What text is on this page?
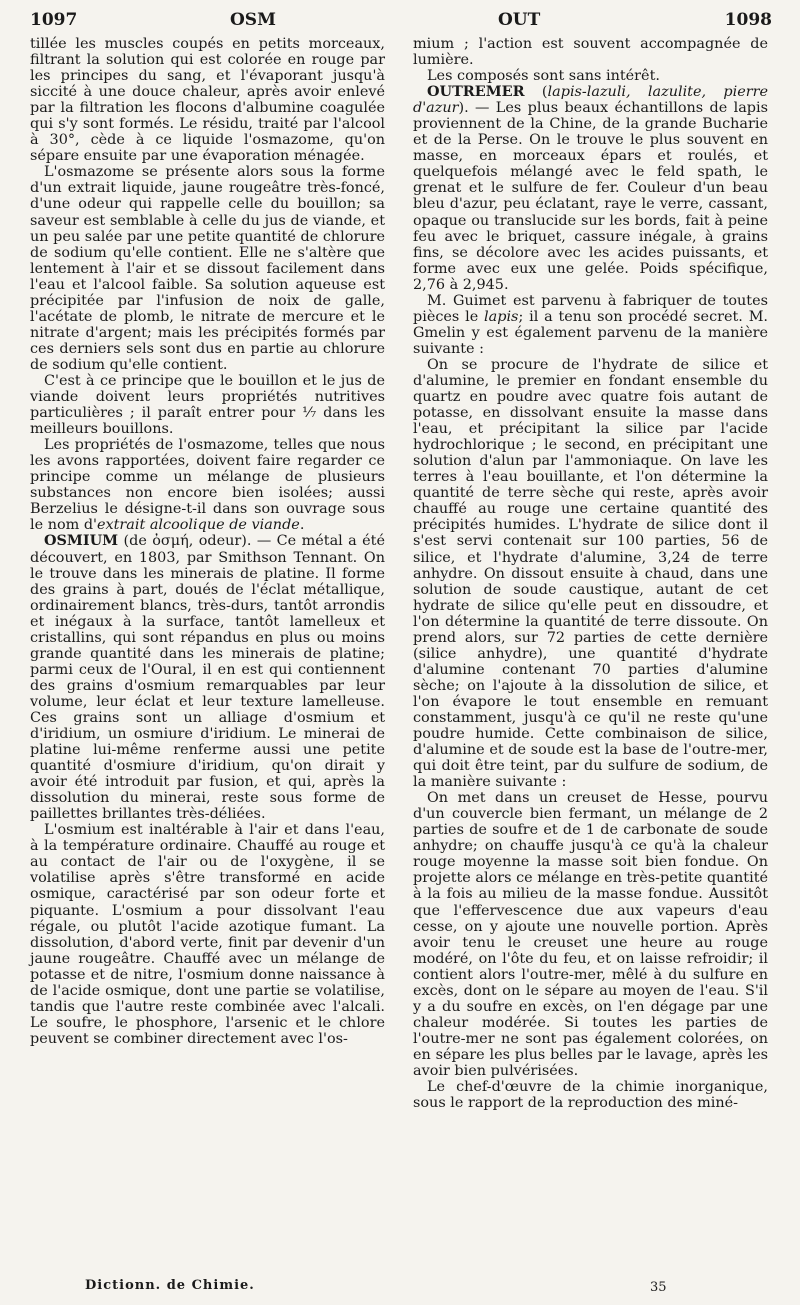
1097	OSM	OUT	1098

tillée les muscles coupés en petits morceaux, filtrant la solution qui est colorée en rouge par les principes du sang, et l'évaporant jusqu'à siccité à une douce chaleur, après avoir enlevé par la filtration les flocons d'albumine coagulée qui s'y sont formés. Le résidu, traité par l'alcool à 30°, cède à ce liquide l'osmazome, qu'on sépare ensuite par une évaporation ménagée.

L'osmazome se présente alors sous la forme d'un extrait liquide, jaune rougeâtre très-foncé, d'une odeur qui rappelle celle du bouillon; sa saveur est semblable à celle du jus de viande, et un peu salée par une petite quantité de chlorure de sodium qu'elle contient. Elle ne s'altère que lentement à l'air et se dissout facilement dans l'eau et l'alcool faible. Sa solution aqueuse est précipitée par l'infusion de noix de galle, l'acétate de plomb, le nitrate de mercure et le nitrate d'argent; mais les précipités formés par ces derniers sels sont dus en partie au chlorure de sodium qu'elle contient.

C'est à ce principe que le bouillon et le jus de viande doivent leurs propriétés nutritives particulières ; il paraît entrer pour ⅟₇ dans les meilleurs bouillons.

Les propriétés de l'osmazome, telles que nous les avons rapportées, doivent faire regarder ce principe comme un mélange de plusieurs substances non encore bien isolées; aussi Berzelius le désigne-t-il dans son ouvrage sous le nom d'extrait alcoolique de viande.

OSMIUM (de ὀσμή, odeur). — Ce métal a été découvert, en 1803, par Smithson Tennant. On le trouve dans les minerais de platine. Il forme des grains à part, doués de l'éclat métallique, ordinairement blancs, très-durs, tantôt arrondis et inégaux à la surface, tantôt lamelleux et cristallins, qui sont répandus en plus ou moins grande quantité dans les minerais de platine; parmi ceux de l'Oural, il en est qui contiennent des grains d'osmium remarquables par leur volume, leur éclat et leur texture lamelleuse. Ces grains sont un alliage d'osmium et d'iridium, un osmiure d'iridium. Le minerai de platine lui-même renferme aussi une petite quantité d'osmiure d'iridium, qu'on dirait y avoir été introduit par fusion, et qui, après la dissolution du minerai, reste sous forme de paillettes brillantes très-déliées.

L'osmium est inaltérable à l'air et dans l'eau, à la température ordinaire. Chauffé au rouge et au contact de l'air ou de l'oxygène, il se volatilise après s'être transformé en acide osmique, caractérisé par son odeur forte et piquante. L'osmium a pour dissolvant l'eau régale, ou plutôt l'acide azotique fumant. La dissolution, d'abord verte, finit par devenir d'un jaune rougeâtre. Chauffé avec un mélange de potasse et de nitre, l'osmium donne naissance à de l'acide osmique, dont une partie se volatilise, tandis que l'autre reste combinée avec l'alcali. Le soufre, le phosphore, l'arsenic et le chlore peuvent se combiner directement avec l'os-

mium ; l'action est souvent accompagnée de lumière.

Les composés sont sans intérêt.

OUTREMER (lapis-lazuli, lazulite, pierre d'azur). — Les plus beaux échantillons de lapis proviennent de la Chine, de la grande Bucharie et de la Perse. On le trouve le plus souvent en masse, en morceaux épars et roulés, et quelquefois mélangé avec le feld spath, le grenat et le sulfure de fer. Couleur d'un beau bleu d'azur, peu éclatant, raye le verre, cassant, opaque ou translucide sur les bords, fait à peine feu avec le briquet, cassure inégale, à grains fins, se décolore avec les acides puissants, et forme avec eux une gelée. Poids spécifique, 2,76 à 2,945.

M. Guimet est parvenu à fabriquer de toutes pièces le lapis; il a tenu son procédé secret. M. Gmelin y est également parvenu de la manière suivante :

On se procure de l'hydrate de silice et d'alumine, le premier en fondant ensemble du quartz en poudre avec quatre fois autant de potasse, en dissolvant ensuite la masse dans l'eau, et précipitant la silice par l'acide hydrochlorique ; le second, en précipitant une solution d'alun par l'ammoniaque. On lave les terres à l'eau bouillante, et l'on détermine la quantité de terre sèche qui reste, après avoir chauffé au rouge une certaine quantité des précipités humides. L'hydrate de silice dont il s'est servi contenait sur 100 parties, 56 de silice, et l'hydrate d'alumine, 3,24 de terre anhydre. On dissout ensuite à chaud, dans une solution de soude caustique, autant de cet hydrate de silice qu'elle peut en dissoudre, et l'on détermine la quantité de terre dissoute. On prend alors, sur 72 parties de cette dernière (silice anhydre), une quantité d'hydrate d'alumine contenant 70 parties d'alumine sèche; on l'ajoute à la dissolution de silice, et l'on évapore le tout ensemble en remuant constamment, jusqu'à ce qu'il ne reste qu'une poudre humide. Cette combinaison de silice, d'alumine et de soude est la base de l'outre-mer, qui doit être teint, par du sulfure de sodium, de la manière suivante :

On met dans un creuset de Hesse, pourvu d'un couvercle bien fermant, un mélange de 2 parties de soufre et de 1 de carbonate de soude anhydre; on chauffe jusqu'à ce qu'à la chaleur rouge moyenne la masse soit bien fondue. On projette alors ce mélange en très-petite quantité à la fois au milieu de la masse fondue. Aussitôt que l'effervescence due aux vapeurs d'eau cesse, on y ajoute une nouvelle portion. Après avoir tenu le creuset une heure au rouge modéré, on l'ôte du feu, et on laisse refroidir; il contient alors l'outre-mer, mêlé à du sulfure en excès, dont on le sépare au moyen de l'eau. S'il y a du soufre en excès, on l'en dégage par une chaleur modérée. Si toutes les parties de l'outre-mer ne sont pas également colorées, on en sépare les plus belles par le lavage, après les avoir bien pulvérisées.

Le chef-d'œuvre de la chimie inorganique, sous le rapport de la reproduction des miné-

Dictionn. de Chimie.	35
